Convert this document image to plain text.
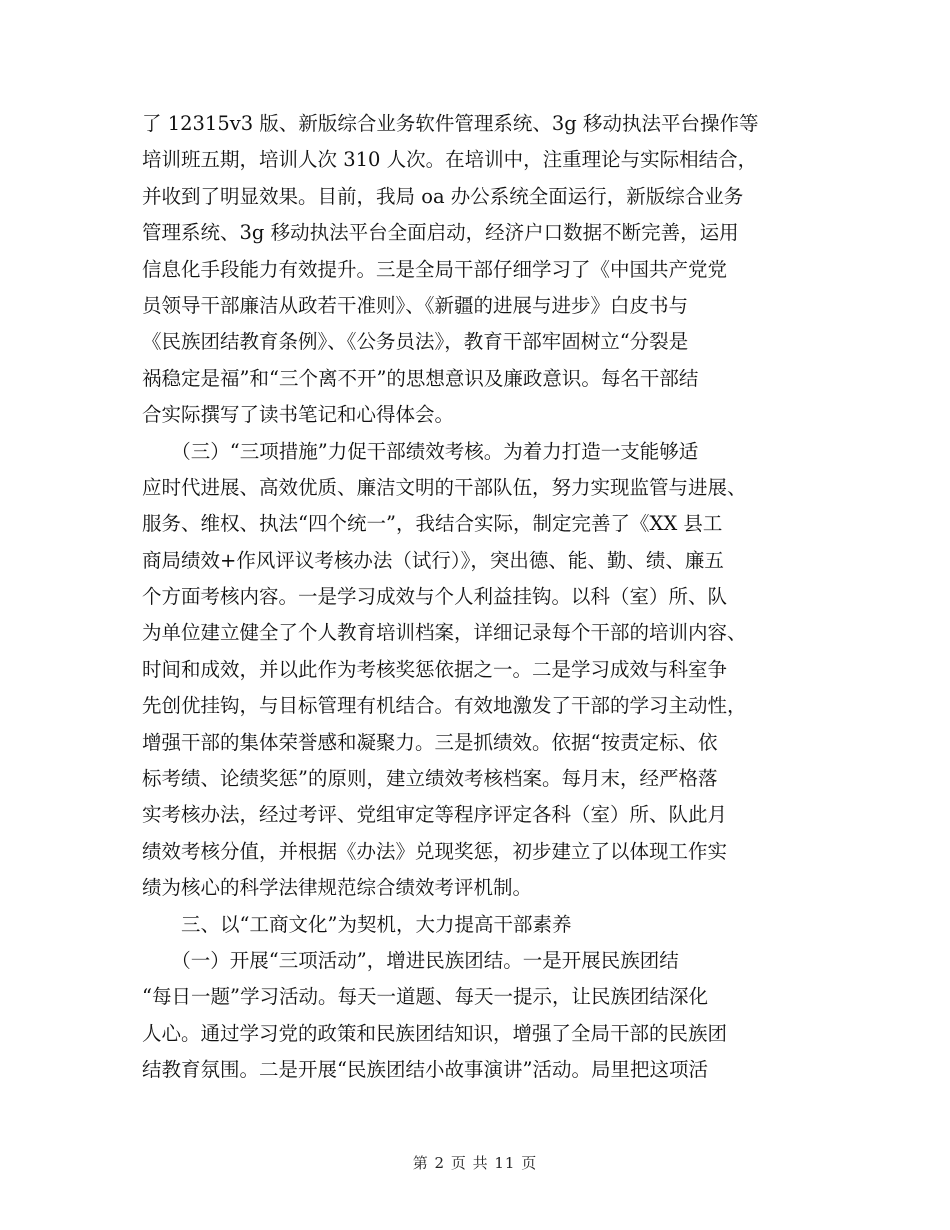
了 12315v3 版、新版综合业务软件管理系统、3g 移动执法平台操作等
培训班五期，培训人次 310 人次。在培训中，注重理论与实际相结合，
并收到了明显效果。目前，我局 oa 办公系统全面运行，新版综合业务
管理系统、3g 移动执法平台全面启动，经济户口数据不断完善，运用
信息化手段能力有效提升。三是全局干部仔细学习了《中国共产党党
员领导干部廉洁从政若干准则》、《新疆的进展与进步》白皮书与
《民族团结教育条例》、《公务员法》，教育干部牢固树立“分裂是
祸稳定是福”和“三个离不开”的思想意识及廉政意识。每名干部结
合实际撰写了读书笔记和心得体会。
　　（三）“三项措施”力促干部绩效考核。为着力打造一支能够适
应时代进展、高效优质、廉洁文明的干部队伍，努力实现监管与进展、
服务、维权、执法“四个统一”，我结合实际，制定完善了《XX 县工
商局绩效+作风评议考核办法（试行）》，突出德、能、勤、绩、廉五
个方面考核内容。一是学习成效与个人利益挂钩。以科（室）所、队
为单位建立健全了个人教育培训档案，详细记录每个干部的培训内容、
时间和成效，并以此作为考核奖惩依据之一。二是学习成效与科室争
先创优挂钩，与目标管理有机结合。有效地激发了干部的学习主动性，
增强干部的集体荣誉感和凝聚力。三是抓绩效。依据“按责定标、依
标考绩、论绩奖惩”的原则，建立绩效考核档案。每月末，经严格落
实考核办法，经过考评、党组审定等程序评定各科（室）所、队此月
绩效考核分值，并根据《办法》兑现奖惩，初步建立了以体现工作实
绩为核心的科学法律规范综合绩效考评机制。
　　三、以“工商文化”为契机，大力提高干部素养
　　（一）开展“三项活动”，增进民族团结。一是开展民族团结
“每日一题”学习活动。每天一道题、每天一提示，让民族团结深化
人心。通过学习党的政策和民族团结知识，增强了全局干部的民族团
结教育氛围。二是开展“民族团结小故事演讲”活动。局里把这项活
第 2 页 共 11 页
